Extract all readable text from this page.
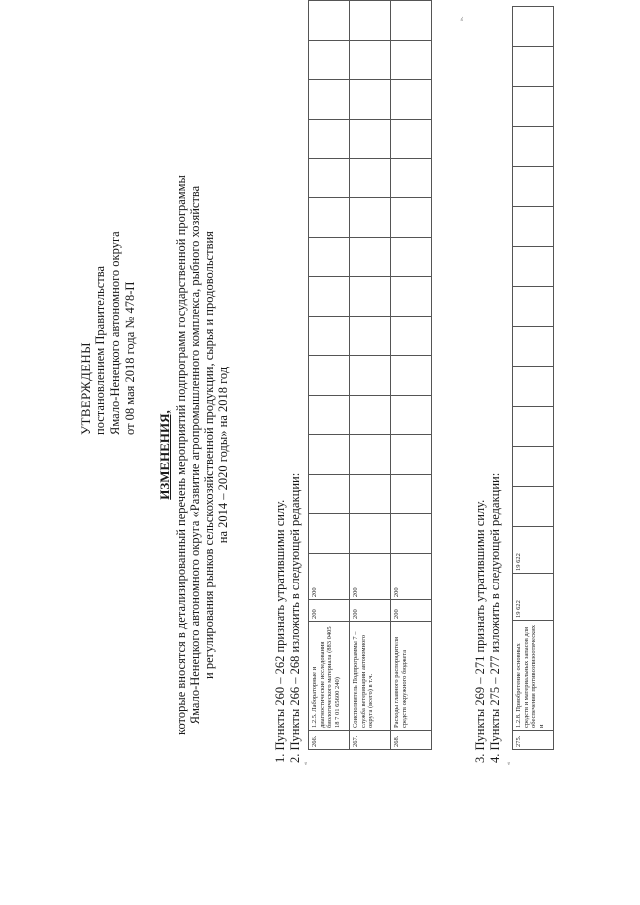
УТВЕРЖДЕНЫ постановлением Правительства Ямало-Ненецкого автономного округа от 08 мая 2018 года № 478-П
ИЗМЕНЕНИЯ, которые вносятся в детализированный перечень мероприятий подпрограмм государственной программы Ямало-Ненецкого автономного округа «Развитие агропромышленного комплекса, рыбного хозяйства и регулирования рынков сельскохозяйственной продукции, сырья и продовольствия на 2014 – 2020 годы» на 2018 год
1. Пункты 260 – 262 признать утратившими силу. 2. Пункты 266 – 268 изложить в следующей редакции:
«
266.	1.2.5. Лабораторные и диагностические исследования биологического материала (883 0405 18 7 01 65600 240)	200	200														
267.	Соисполнитель Подпрограммы 7 – служба ветеринарии автономного округа (всего) в т.ч.	200	200														
268.	Расходы главного распорядителя средств окружного бюджета	200	200														
».
3. Пункты 269 – 271 признать утратившими силу. 4. Пункты 275 – 277 изложить в следующей редакции:
«
275.	1.2.8. Приобретение основных средств и материальных запасов для обеспечения противоэпизоотических и	19 622	19 622													
